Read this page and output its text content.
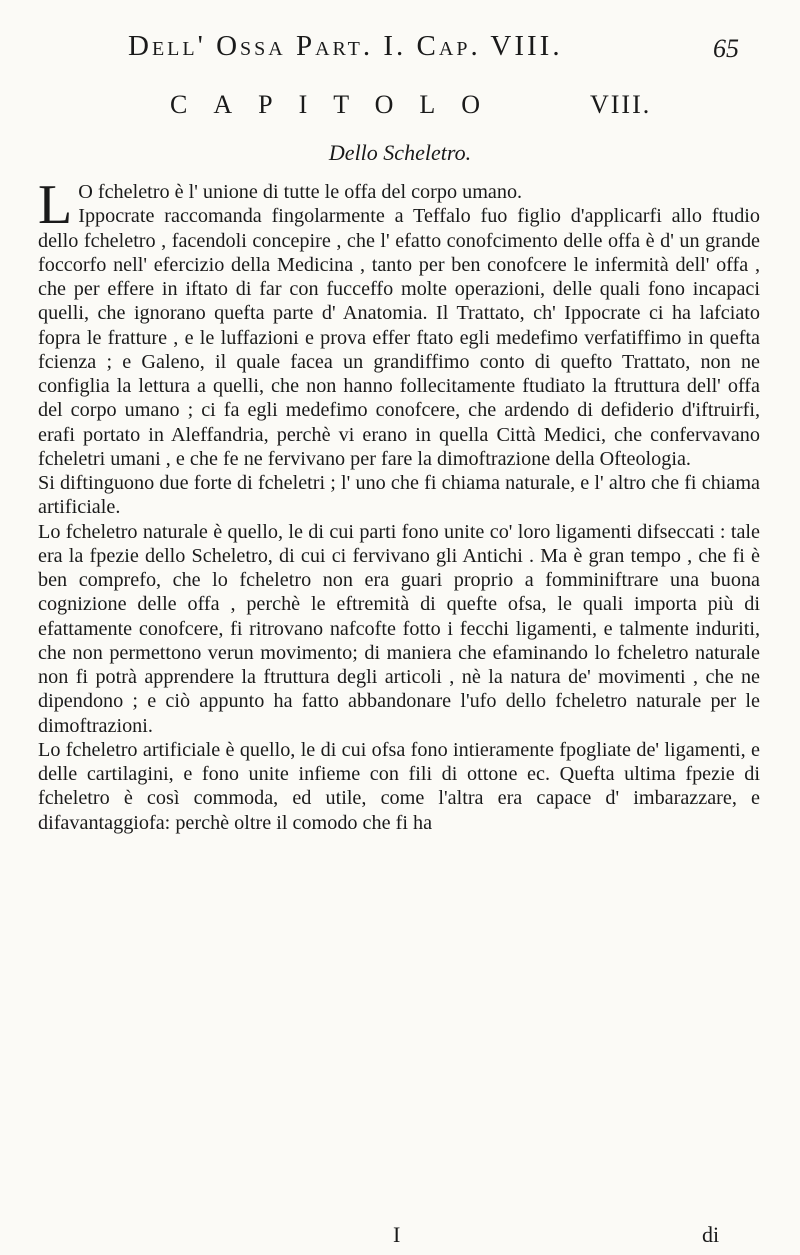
Dell' Ossa Part. I. Cap. VIII.	65
CAPITOLO	VIII.
Dello Scheletro.

L O fcheletro è l' unione di tutte le offa del corpo umano.

Ippocrate raccomanda fingolarmente a Teffalo fuo figlio d'applicarfi allo ftudio dello fcheletro , facendoli concepire , che l' efatto conofcimento delle offa è d' un grande foccorfo nell' efercizio della Medicina , tanto per ben conofcere le infermità dell' offa , che per effere in iftato di far con fucceffo molte operazioni, delle quali fono incapaci quelli, che ignorano quefta parte d' Anatomia. Il Trattato, ch' Ippocrate ci ha lafciato fopra le fratture , e le luffazioni e prova effer ftato egli medefimo verfatiffimo in quefta fcienza ; e Galeno, il quale facea un grandiffimo conto di quefto Trattato, non ne configlia la lettura a quelli, che non hanno follecitamente ftudiato la ftruttura dell' offa del corpo umano ; ci fa egli medefimo conofcere, che ardendo di defiderio d'iftruirfi, erafi portato in Aleffandria, perchè vi erano in quella Città Medici, che confervavano fcheletri umani , e che fe ne fervivano per fare la dimoftrazione della Ofteologia.

Si diftinguono due forte di fcheletri ; l' uno che fi chiama naturale, e l' altro che fi chiama artificiale.

Lo fcheletro naturale è quello, le di cui parti fono unite co' loro ligamenti difseccati : tale era la fpezie dello Scheletro, di cui ci fervivano gli Antichi . Ma è gran tempo , che fi è ben comprefo, che lo fcheletro non era guari proprio a fomminiftrare una buona cognizione delle offa , perchè le eftremità di quefte ofsa, le quali importa più di efattamente conofcere, fi ritrovano nafcofte fotto i fecchi ligamenti, e talmente induriti, che non permettono verun movimento; di maniera che efaminando lo fcheletro naturale non fi potrà apprendere la ftruttura degli articoli , nè la natura de' movimenti , che ne dipendono ; e ciò appunto ha fatto abbandonare l'ufo dello fcheletro naturale per le dimoftrazioni.

Lo fcheletro artificiale è quello, le di cui ofsa fono intieramente fpogliate de' ligamenti, e delle cartilagini, e fono unite infieme con fili di ottone ec. Quefta ultima fpezie di fcheletro è così commoda, ed utile, come l'altra era capace d' imbarazzare, e difavantaggiofa: perchè oltre il comodo che fi ha

I	di
